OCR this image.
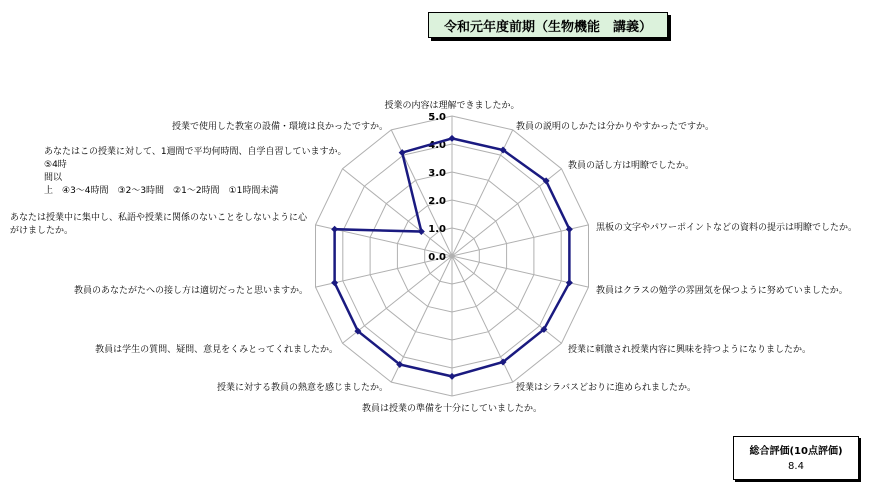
0.0
1.0
2.0
3.0
4.0
5.0
授業の内容は理解できましたか。
教員の説明のしかたは分かりやすかったですか。
教員の話し方は明瞭でしたか。
黒板の文字やパワーポイントなどの資料の提示は明瞭でしたか。
教員はクラスの勉学の雰囲気を保つように努めていましたか。
授業に刺激され授業内容に興味を持つようになりましたか。
授業はシラバスどおりに進められましたか。
教員は授業の準備を十分にしていましたか。
授業に対する教員の熱意を感じましたか。
教員は学生の質問、疑問、意見をくみとってくれましたか。
教員のあなたがたへの接し方は適切だったと思いますか。
あなたは授業中に集中し、私語や授業に関係のないことをしないように心がけましたか。
あなたはこの授業に対して、1週間で平均何時間、自学自習していますか。 ⑤4時間以上　④3～4時間　③2～3時間　②1～2時間　①1時間未満
授業で使用した教室の設備・環境は良かったですか。
令和元年度前期（生物機能　講義）
総合評価(10点評価)
8.4
